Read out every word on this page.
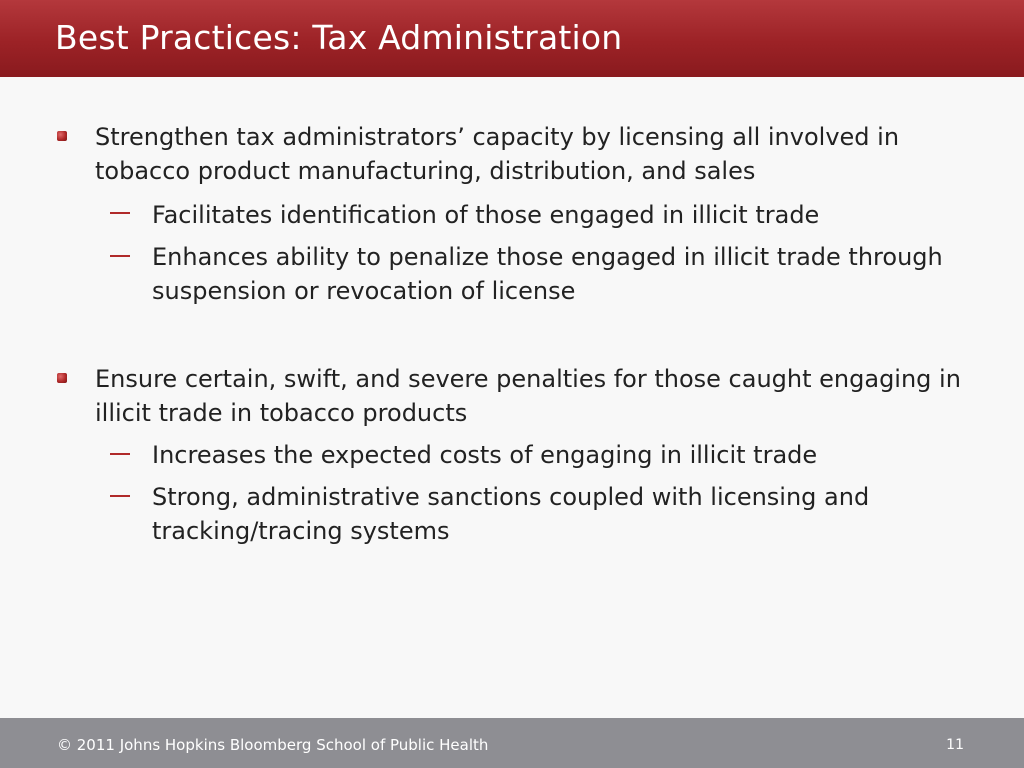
Best Practices: Tax Administration
Strengthen tax administrators’ capacity by licensing all involved in tobacco product manufacturing, distribution, and sales
Facilitates identification of those engaged in illicit trade
Enhances ability to penalize those engaged in illicit trade through suspension or revocation of license
Ensure certain, swift, and severe penalties for those caught engaging in illicit trade in tobacco products
Increases the expected costs of engaging in illicit trade
Strong, administrative sanctions coupled with licensing and tracking/tracing systems
© 2011 Johns Hopkins Bloomberg School of Public Health	11
